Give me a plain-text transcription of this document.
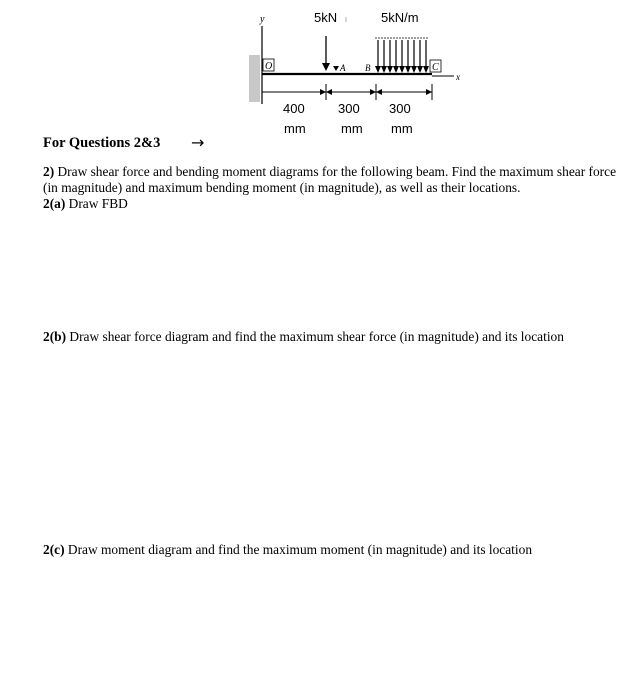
y
O
x
5kN
A B
5kN/m
C
400
mm
300
mm
300
mm
For Questions 2&3 →
2) Draw shear force and bending moment diagrams for the following beam. Find the maximum shear force (in magnitude) and maximum bending moment (in magnitude), as well as their locations.
2(a) Draw FBD
2(b) Draw shear force diagram and find the maximum shear force (in magnitude) and its location
2(c) Draw moment diagram and find the maximum moment (in magnitude) and its location
